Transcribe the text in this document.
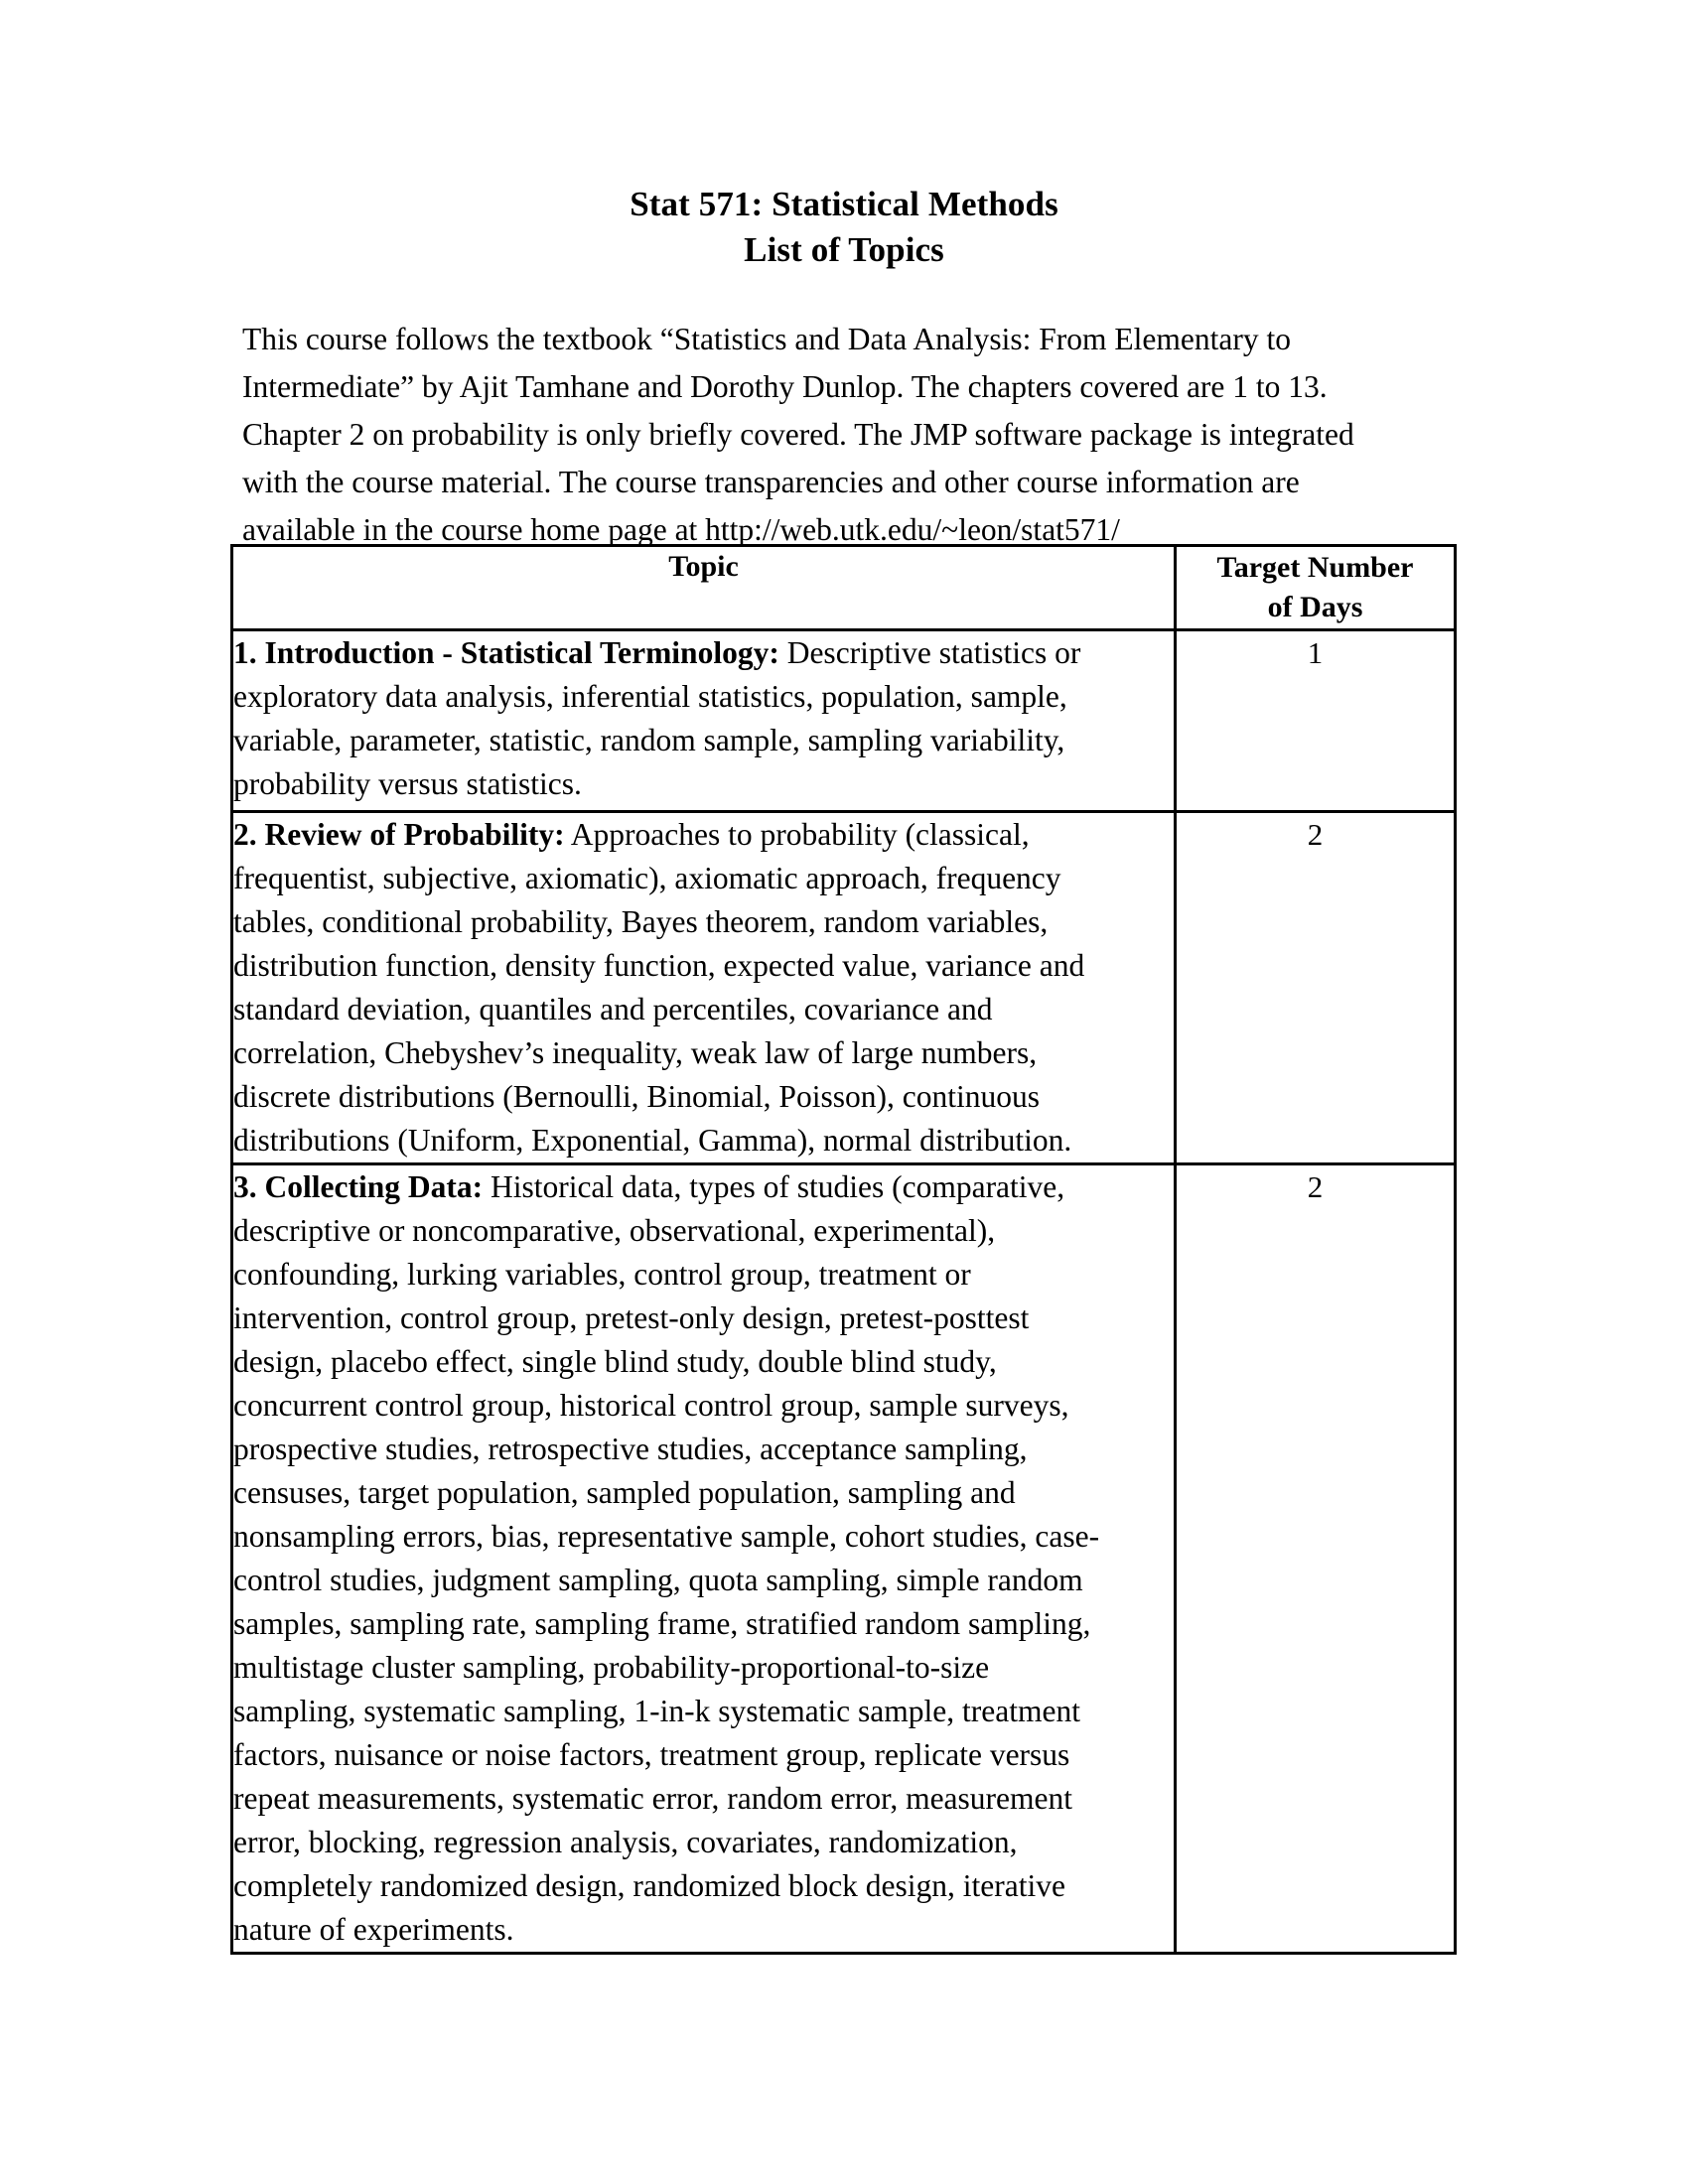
Stat 571: Statistical Methods
List of Topics
This course follows the textbook “Statistics and Data Analysis: From Elementary to
Intermediate” by Ajit Tamhane and Dorothy Dunlop. The chapters covered are 1 to 13.
Chapter 2 on probability is only briefly covered. The JMP software package is integrated
with the course material. The course transparencies and other course information are
available in the course home page at http://web.utk.edu/~leon/stat571/
Topic	Target Number
of Days

1. Introduction - Statistical Terminology: Descriptive statistics or
exploratory data analysis, inferential statistics, population, sample,
variable, parameter, statistic, random sample, sampling variability,
probability versus statistics.	1

2. Review of Probability: Approaches to probability (classical,
frequentist, subjective, axiomatic), axiomatic approach, frequency
tables, conditional probability, Bayes theorem, random variables,
distribution function, density function, expected value, variance and
standard deviation, quantiles and percentiles, covariance and
correlation, Chebyshev’s inequality, weak law of large numbers,
discrete distributions (Bernoulli, Binomial, Poisson), continuous
distributions (Uniform, Exponential, Gamma), normal distribution.
	2

3. Collecting Data: Historical data, types of studies (comparative,
descriptive or noncomparative, observational, experimental),
confounding, lurking variables, control group, treatment or
intervention, control group, pretest-only design, pretest-posttest
design, placebo effect, single blind study, double blind study,
concurrent control group, historical control group, sample surveys,
prospective studies, retrospective studies, acceptance sampling,
censuses, target population, sampled population, sampling and
nonsampling errors, bias, representative sample, cohort studies, case-
control studies, judgment sampling, quota sampling, simple random
samples, sampling rate, sampling frame, stratified random sampling,
multistage cluster sampling, probability-proportional-to-size
sampling, systematic sampling, 1-in-k systematic sample, treatment
factors, nuisance or noise factors, treatment group, replicate versus
repeat measurements, systematic error, random error, measurement
error, blocking, regression analysis, covariates, randomization,
completely randomized design, randomized block design, iterative
nature of experiments.
	2
